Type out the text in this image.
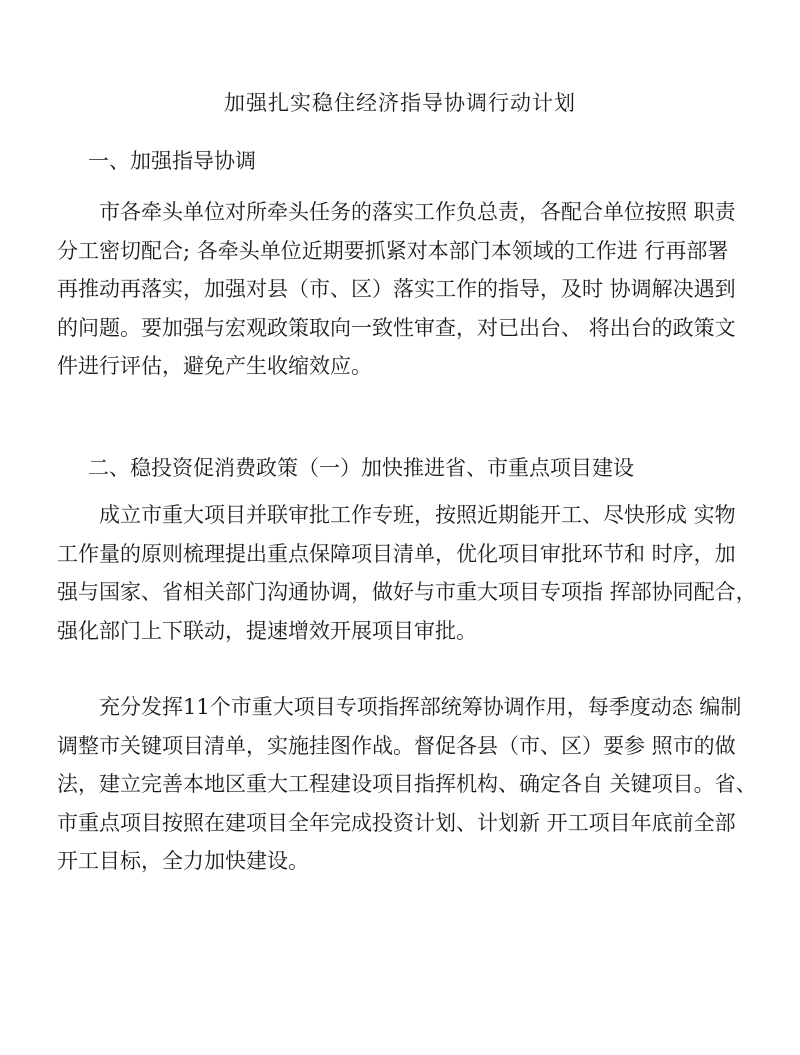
加强扎实稳住经济指导协调行动计划
一、加强指导协调
市各牵头单位对所牵头任务的落实工作负总责，各配合单位按照 职责
分工密切配合; 各牵头单位近期要抓紧对本部门本领域的工作进 行再部署
再推动再落实，加强对县（市、区）落实工作的指导，及时 协调解决遇到
的问题。要加强与宏观政策取向一致性审查，对已出台、 将出台的政策文
件进行评估，避免产生收缩效应。
二、稳投资促消费政策（一）加快推进省、市重点项目建设
成立市重大项目并联审批工作专班，按照近期能开工、尽快形成 实物
工作量的原则梳理提出重点保障项目清单，优化项目审批环节和 时序，加
强与国家、省相关部门沟通协调，做好与市重大项目专项指 挥部协同配合，
强化部门上下联动，提速增效开展项目审批。
充分发挥11个市重大项目专项指挥部统筹协调作用，每季度动态 编制
调整市关键项目清单，实施挂图作战。督促各县（市、区）要参 照市的做
法，建立完善本地区重大工程建设项目指挥机构、确定各自 关键项目。省、
市重点项目按照在建项目全年完成投资计划、计划新 开工项目年底前全部
开工目标，全力加快建设。
